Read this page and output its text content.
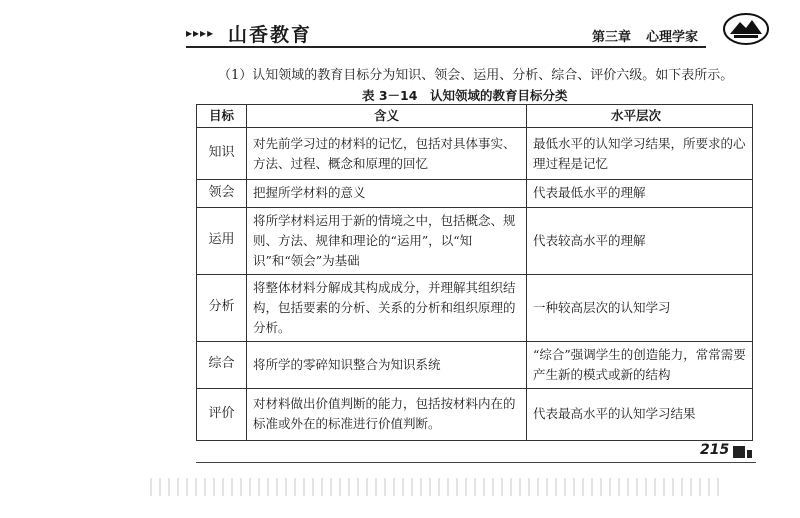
▸▸▸▸ 山香教育	第三章 心理学家
（1）认知领域的教育目标分为知识、领会、运用、分析、综合、评价六级。如下表所示。
表 3－14　认知领域的教育目标分类
目标	含义	水平层次
知识	对先前学习过的材料的记忆，包括对具体事实、方法、过程、概念和原理的回忆	最低水平的认知学习结果，所要求的心理过程是记忆
领会	把握所学材料的意义	代表最低水平的理解
运用	将所学材料运用于新的情境之中，包括概念、规则、方法、规律和理论的“运用”，以“知识”和“领会”为基础	代表较高水平的理解
分析	将整体材料分解成其构成成分，并理解其组织结构，包括要素的分析、关系的分析和组织原理的分析。	一种较高层次的认知学习
综合	将所学的零碎知识整合为知识系统	“综合”强调学生的创造能力，常常需要产生新的模式或新的结构
评价	对材料做出价值判断的能力，包括按材料内在的标准或外在的标准进行价值判断。	代表最高水平的认知学习结果
215
